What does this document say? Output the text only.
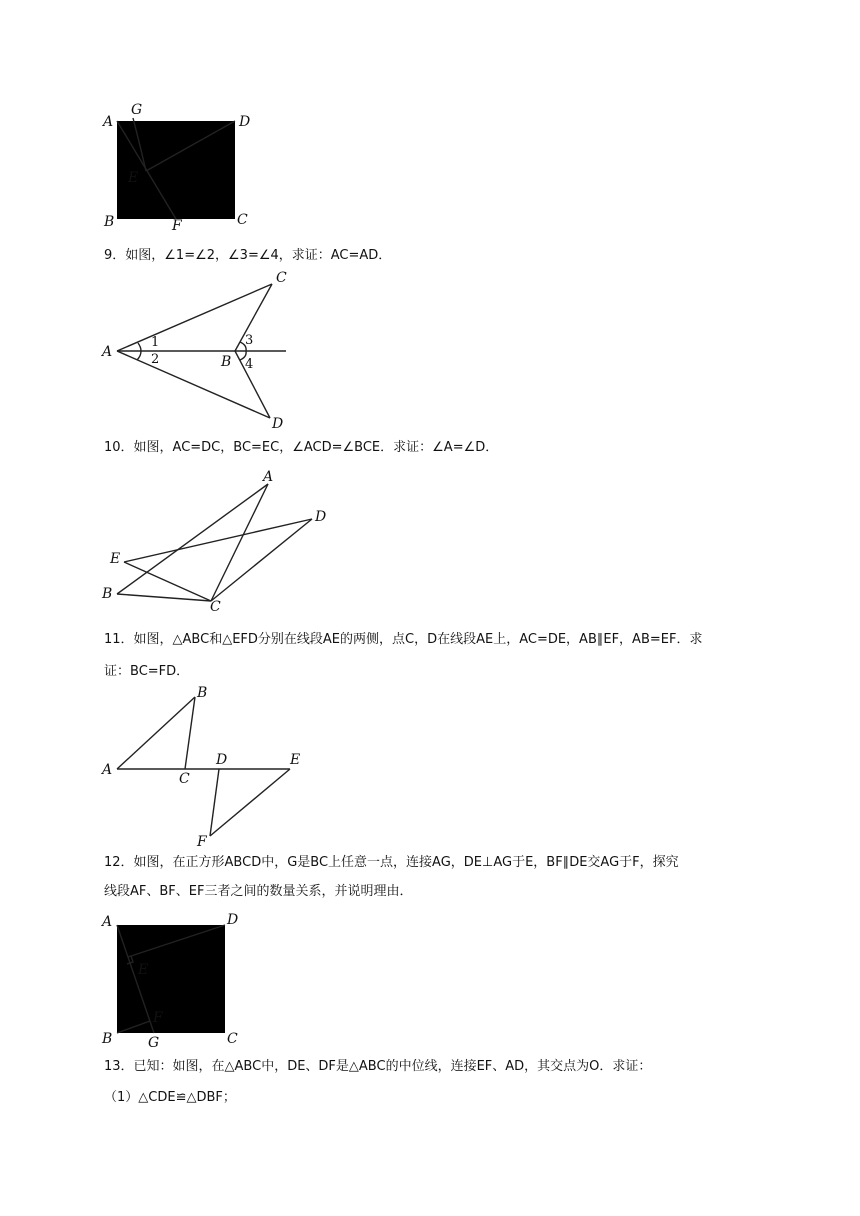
A
G
D
E
B	F	C

9．如图，∠1=∠2，∠3=∠4，求证：AC=AD．

A
C
B
D
1
2
3
4

10．如图，AC=DC，BC=EC，∠ACD=∠BCE．求证：∠A=∠D．

A
D
E
B
C

11．如图，△ABC和△EFD分别在线段AE的两侧，点C，D在线段AE上，AC=DE，AB∥EF，AB=EF．求

证：BC=FD．

B
A
C
D	E
F

12．如图，在正方形ABCD中，G是BC上任意一点，连接AG，DE⊥AG于E，BF∥DE交AG于F，探究

线段AF、BF、EF三者之间的数量关系，并说明理由．

A	D
E
F
B	G	C

13．已知：如图，在△ABC中，DE、DF是△ABC的中位线，连接EF、AD，其交点为O．求证：

（1）△CDE≌△DBF；
